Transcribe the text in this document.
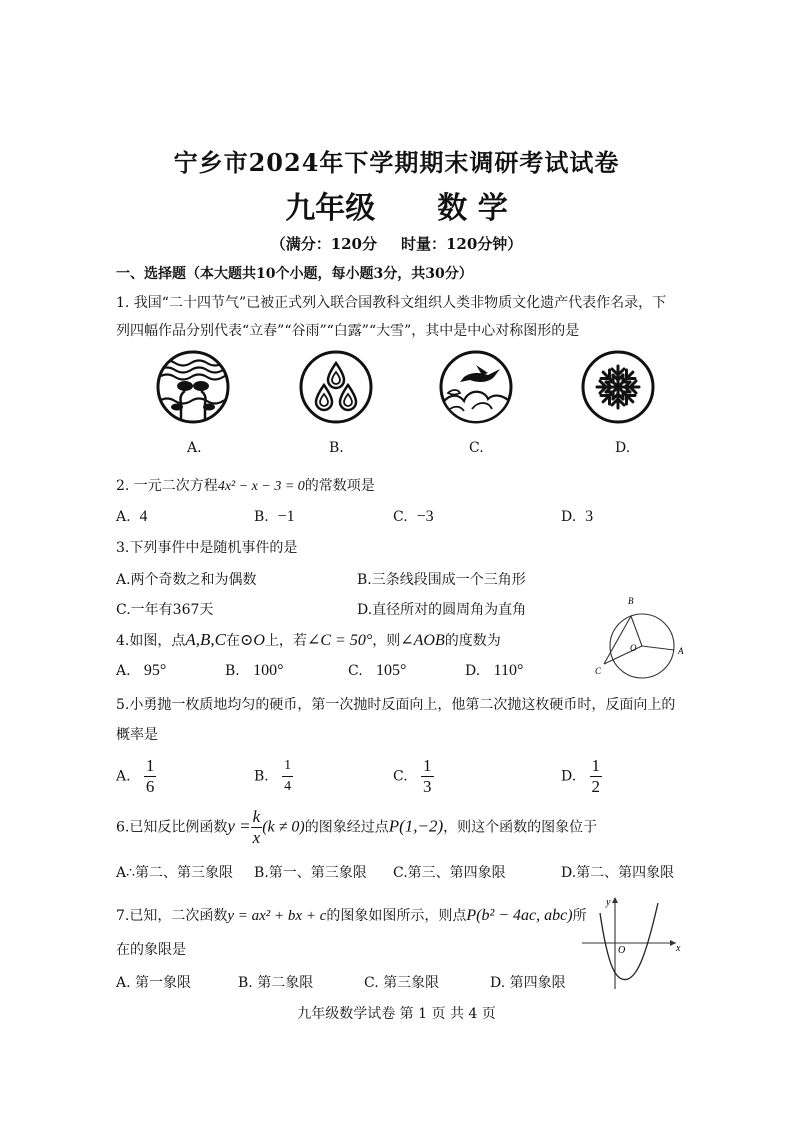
宁乡市2024年下学期期末调研考试试卷
九年级 数 学
（满分：120分 时量：120分钟）
一、选择题（本大题共10个小题，每小题3分，共30分）
1. 我国“二十四节气”已被正式列入联合国教科文组织人类非物质文化遗产代表作名录，下
列四幅作品分别代表“立春”“谷雨”“白露”“大雪”，其中是中心对称图形的是
A.	B.	C.	D.
2. 一元二次方程4x² − x − 3 = 0的常数项是
A. 4	B. −1	C. −3	D. 3
3.下列事件中是随机事件的是
A.两个奇数之和为偶数	B.三条线段围成一个三角形
C.一年有367天	D.直径所对的圆周角为直角
4.如图，点A,B,C在⊙O上，若∠C = 50°，则∠AOB的度数为
A. 95°	B. 100°	C. 105°	D. 110°
B
A
C
O
5.小勇抛一枚质地均匀的硬币，第一次抛时反面向上，他第二次抛这枚硬币时，反面向上的
概率是
A. $\frac{1}{6}$	B. $\frac{1}{4}$	C. $\frac{1}{3}$	D. $\frac{1}{2}$
6.已知反比例函数$y = \frac{k}{x} (k \ne 0)$的图象经过点P(1,−2)，则这个函数的图象位于
A∴第二、第三象限 B.第一、第三象限 C.第三、第四象限	D.第二、第四象限
7.已知，二次函数y = ax² + bx + c的图象如图所示，则点P(b² − 4ac, abc)所
在的象限是
A. 第一象限	B. 第二象限	C. 第三象限	D. 第四象限
x
y
O
九年级数学试卷 第 1 页 共 4 页
